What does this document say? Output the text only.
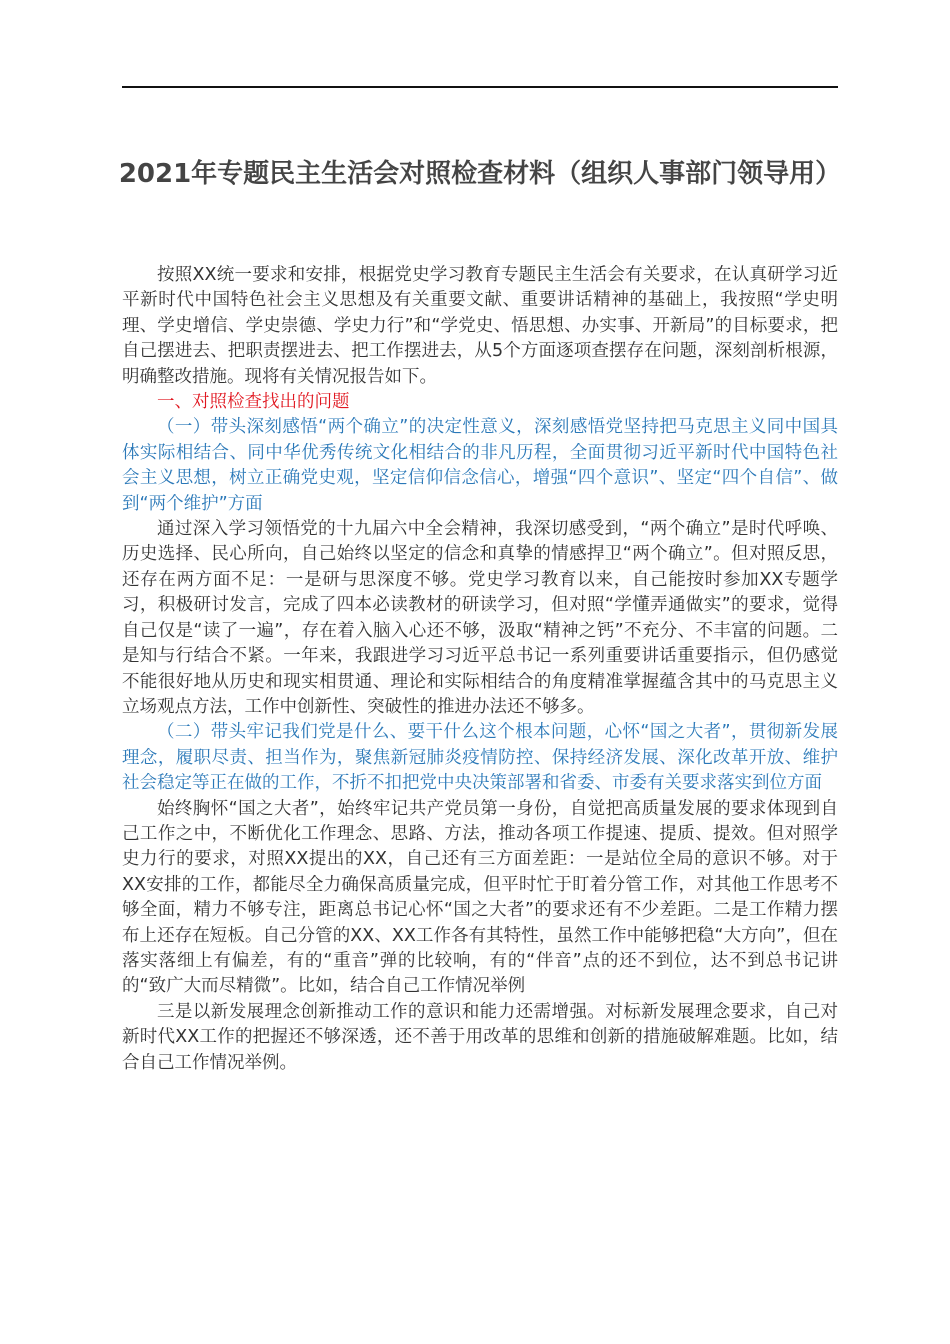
2021年专题民主生活会对照检查材料（组织人事部门领导用）

按照XX统一要求和安排，根据党史学习教育专题民主生活会有关要求，在认真研学习近平新时代中国特色社会主义思想及有关重要文献、重要讲话精神的基础上，我按照“学史明理、学史增信、学史崇德、学史力行”和“学党史、悟思想、办实事、开新局”的目标要求，把自己摆进去、把职责摆进去、把工作摆进去，从5个方面逐项查摆存在问题，深刻剖析根源，明确整改措施。现将有关情况报告如下。

一、对照检查找出的问题

（一）带头深刻感悟“两个确立”的决定性意义，深刻感悟党坚持把马克思主义同中国具体实际相结合、同中华优秀传统文化相结合的非凡历程，全面贯彻习近平新时代中国特色社会主义思想，树立正确党史观，坚定信仰信念信心，增强“四个意识”、坚定“四个自信”、做到“两个维护”方面

通过深入学习领悟党的十九届六中全会精神，我深切感受到，“两个确立”是时代呼唤、历史选择、民心所向，自己始终以坚定的信念和真挚的情感捍卫“两个确立”。但对照反思，还存在两方面不足：一是研与思深度不够。党史学习教育以来，自己能按时参加XX专题学习，积极研讨发言，完成了四本必读教材的研读学习，但对照“学懂弄通做实”的要求，觉得自己仅是“读了一遍”，存在着入脑入心还不够，汲取“精神之钙”不充分、不丰富的问题。二是知与行结合不紧。一年来，我跟进学习习近平总书记一系列重要讲话重要指示，但仍感觉不能很好地从历史和现实相贯通、理论和实际相结合的角度精准掌握蕴含其中的马克思主义立场观点方法，工作中创新性、突破性的推进办法还不够多。

（二）带头牢记我们党是什么、要干什么这个根本问题，心怀“国之大者”，贯彻新发展理念，履职尽责、担当作为，聚焦新冠肺炎疫情防控、保持经济发展、深化改革开放、维护社会稳定等正在做的工作，不折不扣把党中央决策部署和省委、市委有关要求落实到位方面

始终胸怀“国之大者”，始终牢记共产党员第一身份，自觉把高质量发展的要求体现到自己工作之中，不断优化工作理念、思路、方法，推动各项工作提速、提质、提效。但对照学史力行的要求，对照XX提出的XX，自己还有三方面差距：一是站位全局的意识不够。对于XX安排的工作，都能尽全力确保高质量完成，但平时忙于盯着分管工作，对其他工作思考不够全面，精力不够专注，距离总书记心怀“国之大者”的要求还有不少差距。二是工作精力摆布上还存在短板。自己分管的XX、XX工作各有其特性，虽然工作中能够把稳“大方向”，但在落实落细上有偏差，有的“重音”弹的比较响，有的“伴音”点的还不到位，达不到总书记讲的“致广大而尽精微”。比如，结合自己工作情况举例

三是以新发展理念创新推动工作的意识和能力还需增强。对标新发展理念要求，自己对新时代XX工作的把握还不够深透，还不善于用改革的思维和创新的措施破解难题。比如，结合自己工作情况举例。
